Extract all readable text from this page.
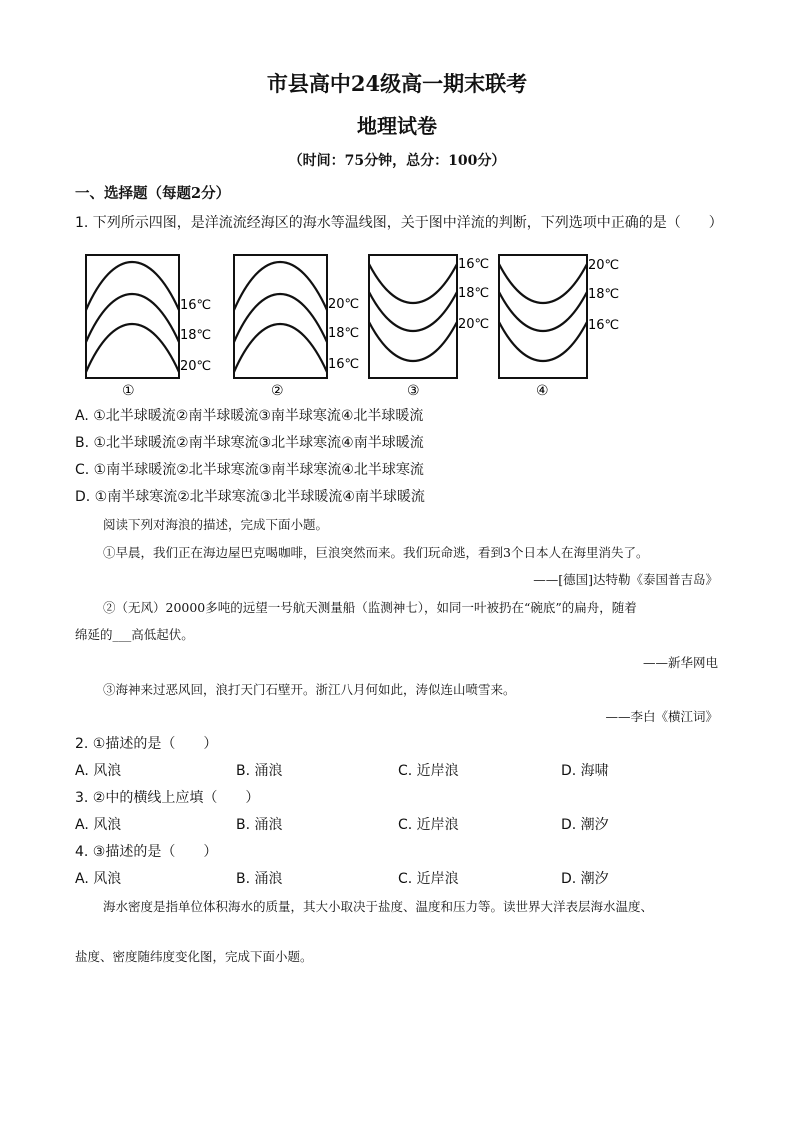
市县高中24级高一期末联考
地理试卷
（时间：75分钟，总分：100分）
一、选择题（每题2分）
1. 下列所示四图，是洋流流经海区的海水等温线图，关于图中洋流的判断，下列选项中正确的是（　　）
16℃
18℃
20℃
①
20℃
18℃
16℃
②
16℃
18℃
20℃
③
20℃
18℃
16℃
④
A. ①北半球暖流②南半球暖流③南半球寒流④北半球暖流
B. ①北半球暖流②南半球寒流③北半球寒流④南半球暖流
C. ①南半球暖流②北半球寒流③南半球寒流④北半球寒流
D. ①南半球寒流②北半球寒流③北半球暖流④南半球暖流
阅读下列对海浪的描述，完成下面小题。
①早晨，我们正在海边屋巴克喝咖啡，巨浪突然而来。我们玩命逃，看到3个日本人在海里消失了。
——[德国]达特勒《泰国普吉岛》
②（无风）20000多吨的远望一号航天测量船（监测神七），如同一叶被扔在“碗底”的扁舟，随着
绵延的___高低起伏。
——新华网电
③海神来过恶风回，浪打天门石壁开。浙江八月何如此，涛似连山喷雪来。
——李白《横江词》
2. ①描述的是（　　）
A. 风浪	B. 涌浪	C. 近岸浪	D. 海啸
3. ②中的横线上应填（　　）
A. 风浪	B. 涌浪	C. 近岸浪	D. 潮汐
4. ③描述的是（　　）
A. 风浪	B. 涌浪	C. 近岸浪	D. 潮汐
海水密度是指单位体积海水的质量，其大小取决于盐度、温度和压力等。读世界大洋表层海水温度、
盐度、密度随纬度变化图，完成下面小题。
